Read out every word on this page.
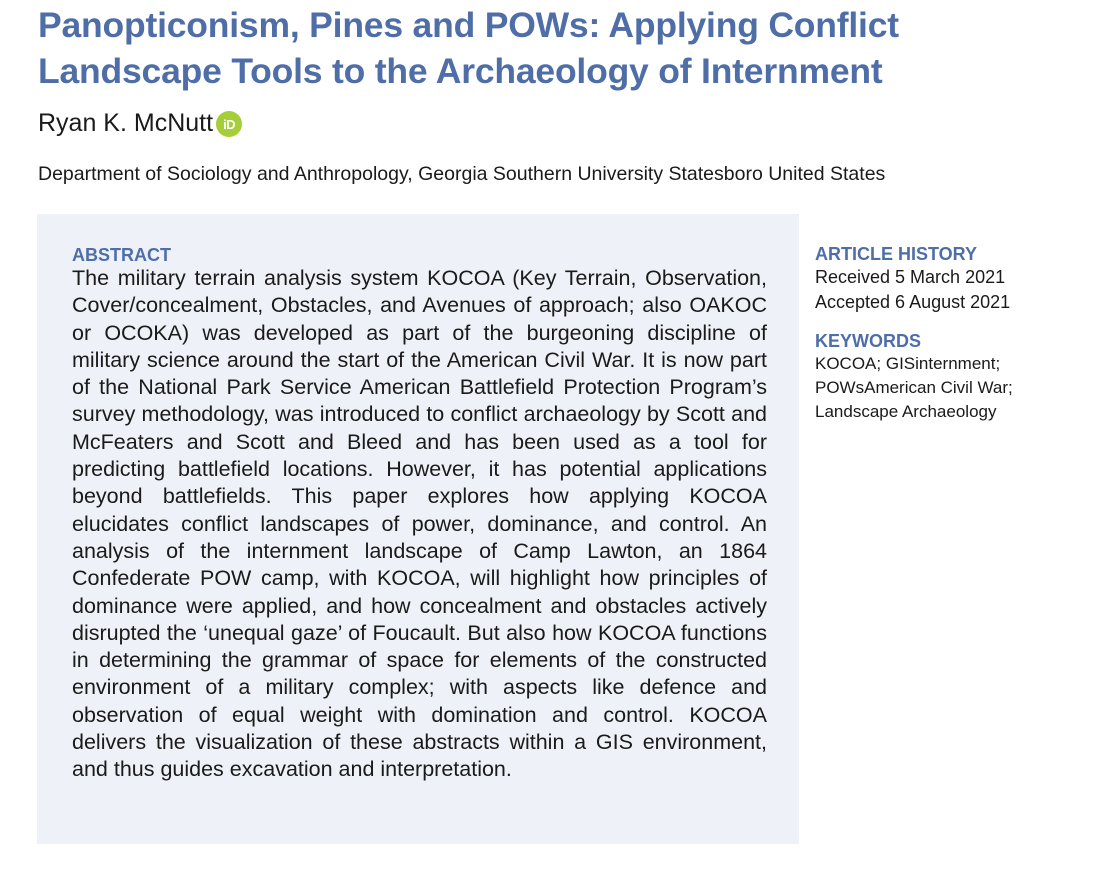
Panopticonism, Pines and POWs: Applying Conflict Landscape Tools to the Archaeology of Internment
Ryan K. McNutt iD
Department of Sociology and Anthropology, Georgia Southern University Statesboro United States
ABSTRACT

The military terrain analysis system KOCOA (Key Terrain, Observation, Cover/concealment, Obstacles, and Avenues of approach; also OAKOC or OCOKA) was developed as part of the burgeoning discipline of military science around the start of the American Civil War. It is now part of the National Park Service American Battlefield Protection Program’s survey methodology, was introduced to conflict archaeology by Scott and McFeaters and Scott and Bleed and has been used as a tool for predicting battlefield locations. However, it has potential applications beyond battlefields. This paper explores how applying KOCOA elucidates conflict landscapes of power, dominance, and control. An analysis of the internment landscape of Camp Lawton, an 1864 Confederate POW camp, with KOCOA, will highlight how principles of dominance were applied, and how concealment and obstacles actively disrupted the ‘unequal gaze’ of Foucault. But also how KOCOA functions in determining the grammar of space for elements of the constructed environment of a military complex; with aspects like defence and observation of equal weight with domination and control. KOCOA delivers the visualization of these abstracts within a GIS environment, and thus guides excavation and interpretation.

ARTICLE HISTORY
Received 5 March 2021
Accepted 6 August 2021
KEYWORDS
KOCOA; GISinternment;
POWsAmerican Civil War;
Landscape Archaeology
